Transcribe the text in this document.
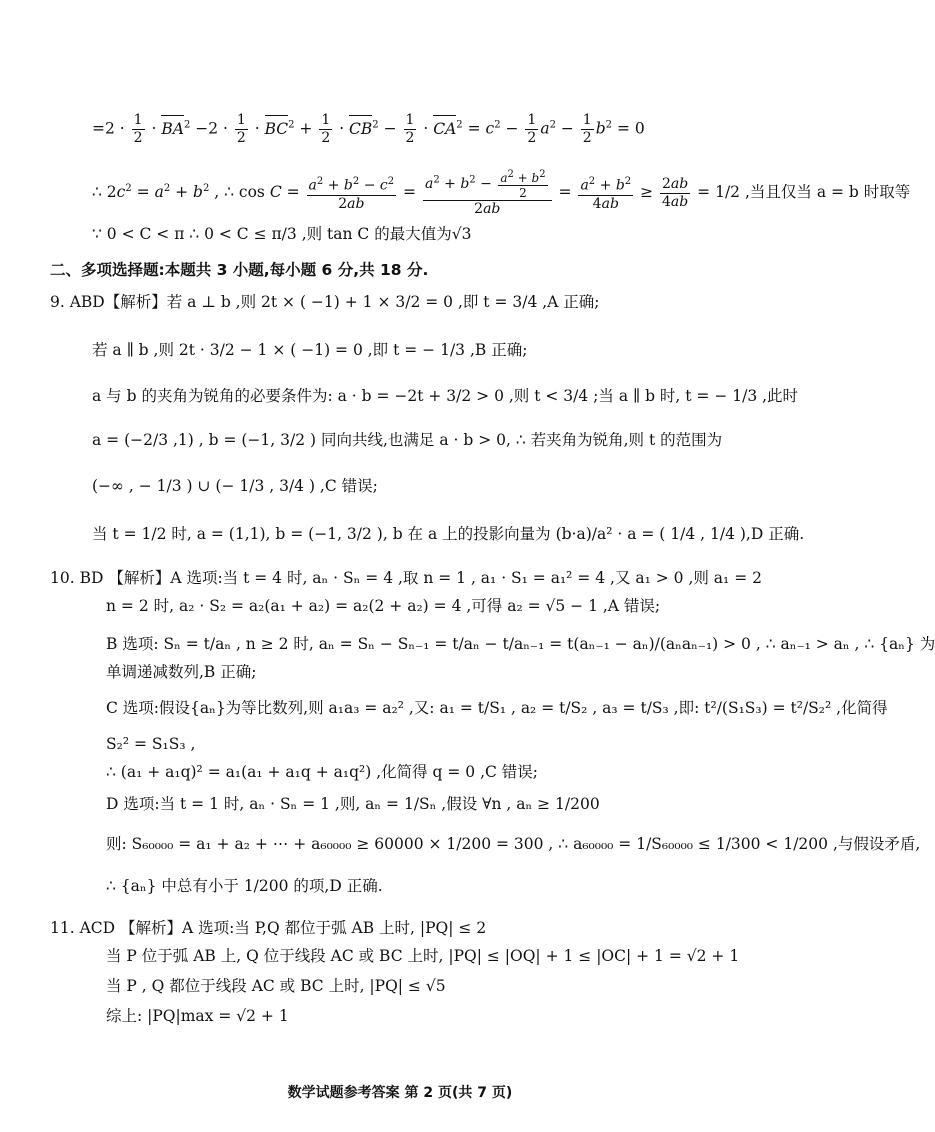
$=2 \cdot \frac{1}{2} \cdot BA^2 -2 \cdot \frac{1}{2} \cdot BC^2 + \frac{1}{2} \cdot CB^2 - \frac{1}{2} \cdot CA^2 = c^2 - \frac{1}{2} a^2 - \frac{1}{2} b^2 = 0$
∴ $2c^2 = a^2 + b^2$ , ∴ $\cos C = \frac{a^2 + b^2 - c^2}{2ab} = \frac{a^2 + b^2 - \frac{a^2 + b^2}{2}}{2ab} = \frac{a^2 + b^2}{4ab} \ge \frac{2ab}{4ab} = 1/2$ ,当且仅当 a = b 时取等
∵ 0 < C < π ∴ 0 < C ≤ π/3 ,则 tan C 的最大值为√3
二、多项选择题:本题共 3 小题,每小题 6 分,共 18 分.
9. ABD【解析】若 a ⊥ b ,则 2t × ( −1) + 1 × 3/2 = 0 ,即 t = 3/4 ,A 正确;
若 a ∥ b ,则 2t · 3/2 − 1 × ( −1) = 0 ,即 t = − 1/3 ,B 正确;
a 与 b 的夹角为锐角的必要条件为: a · b = −2t + 3/2 > 0 ,则 t < 3/4 ;当 a ∥ b 时, t = − 1/3 ,此时
a = (−2/3 ,1) , b = (−1, 3/2 ) 同向共线,也满足 a · b > 0, ∴ 若夹角为锐角,则 t 的范围为
(−∞ , − 1/3 ) ∪ (− 1/3 , 3/4 ) ,C 错误;
当 t = 1/2 时, a = (1,1), b = (−1, 3/2 ), b 在 a 上的投影向量为 (b·a)/a² · a = ( 1/4 , 1/4 ),D 正确.
10. BD 【解析】A 选项:当 t = 4 时, aₙ · Sₙ = 4 ,取 n = 1 , a₁ · S₁ = a₁² = 4 ,又 a₁ > 0 ,则 a₁ = 2
n = 2 时, a₂ · S₂ = a₂(a₁ + a₂) = a₂(2 + a₂) = 4 ,可得 a₂ = √5 − 1 ,A 错误;
B 选项: Sₙ = t/aₙ , n ≥ 2 时, aₙ = Sₙ − Sₙ₋₁ = t/aₙ − t/aₙ₋₁ = t(aₙ₋₁ − aₙ)/(aₙaₙ₋₁) > 0 , ∴ aₙ₋₁ > aₙ , ∴ {aₙ} 为
单调递减数列,B 正确;
C 选项:假设{aₙ}为等比数列,则 a₁a₃ = a₂² ,又: a₁ = t/S₁ , a₂ = t/S₂ , a₃ = t/S₃ ,即: t²/(S₁S₃) = t²/S₂² ,化简得
S₂² = S₁S₃ ,
∴ (a₁ + a₁q)² = a₁(a₁ + a₁q + a₁q²) ,化简得 q = 0 ,C 错误;
D 选项:当 t = 1 时, aₙ · Sₙ = 1 ,则, aₙ = 1/Sₙ ,假设 ∀n , aₙ ≥ 1/200
则: S₆₀₀₀₀ = a₁ + a₂ + ⋯ + a₆₀₀₀₀ ≥ 60000 × 1/200 = 300 , ∴ a₆₀₀₀₀ = 1/S₆₀₀₀₀ ≤ 1/300 < 1/200 ,与假设矛盾,
∴ {aₙ} 中总有小于 1/200 的项,D 正确.
11. ACD 【解析】A 选项:当 P,Q 都位于弧 AB 上时, |PQ| ≤ 2
当 P 位于弧 AB 上, Q 位于线段 AC 或 BC 上时, |PQ| ≤ |OQ| + 1 ≤ |OC| + 1 = √2 + 1
当 P , Q 都位于线段 AC 或 BC 上时, |PQ| ≤ √5
综上: |PQ|max = √2 + 1
数学试题参考答案 第 2 页(共 7 页)
